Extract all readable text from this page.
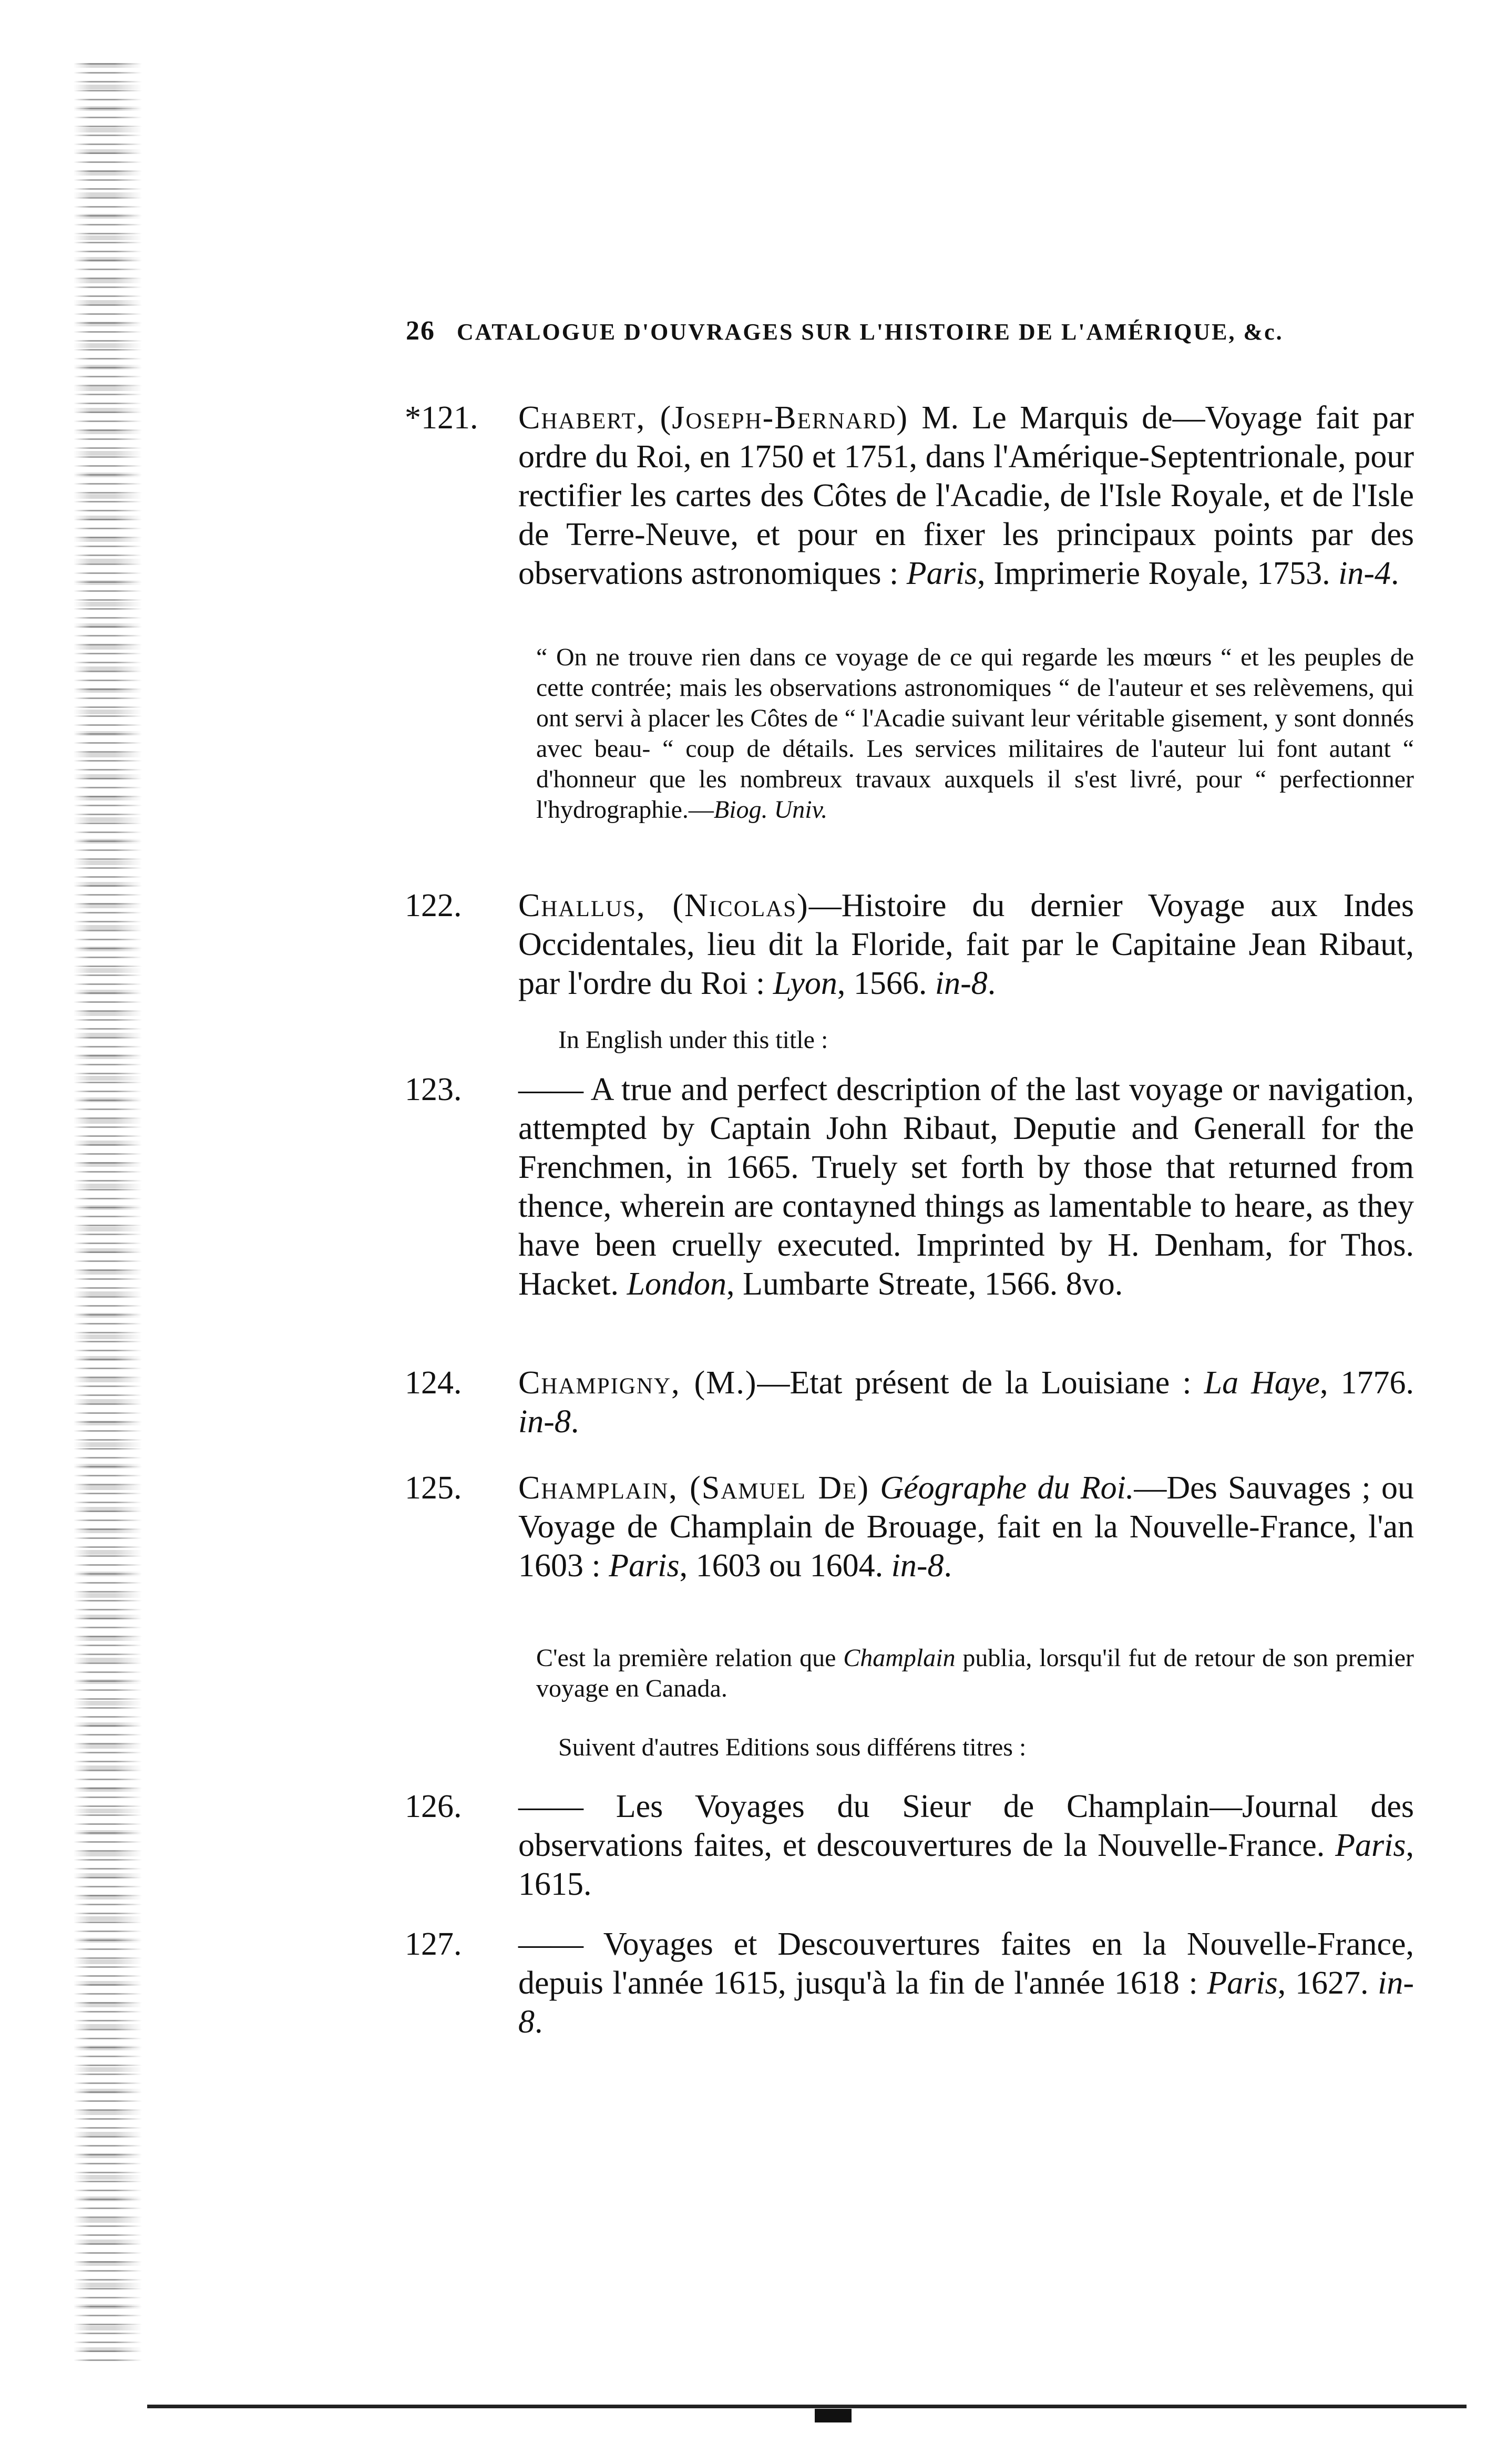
26 CATALOGUE D'OUVRAGES SUR L'HISTOIRE DE L'AMÉRIQUE, &c.
*121.	Chabert, (Joseph-Bernard) M. Le Marquis de—Voyage fait par ordre du Roi, en 1750 et 1751, dans l'Amérique-Septentrionale, pour rectifier les cartes des Côtes de l'Acadie, de l'Isle Royale, et de l'Isle de Terre-Neuve, et pour en fixer les principaux points par des observations astronomiques : Paris, Imprimerie Royale, 1753. in-4.
“ On ne trouve rien dans ce voyage de ce qui regarde les mœurs “ et les peuples de cette contrée; mais les observations astronomiques “ de l'auteur et ses relèvemens, qui ont servi à placer les Côtes de “ l'Acadie suivant leur véritable gisement, y sont donnés avec beau- “ coup de détails. Les services militaires de l'auteur lui font autant “ d'honneur que les nombreux travaux auxquels il s'est livré, pour “ perfectionner l'hydrographie.—Biog. Univ.
122.	Challus, (Nicolas)—Histoire du dernier Voyage aux Indes Occidentales, lieu dit la Floride, fait par le Capitaine Jean Ribaut, par l'ordre du Roi : Lyon, 1566. in-8.
In English under this title :
123.	—— A true and perfect description of the last voyage or navigation, attempted by Captain John Ribaut, Deputie and Generall for the Frenchmen, in 1665. Truely set forth by those that returned from thence, wherein are contayned things as lamentable to heare, as they have been cruelly executed. Imprinted by H. Denham, for Thos. Hacket. London, Lumbarte Streate, 1566. 8vo.
124.	Champigny, (M.)—Etat présent de la Louisiane : La Haye, 1776. in-8.
125.	Champlain, (Samuel De) Géographe du Roi.—Des Sauvages ; ou Voyage de Champlain de Brouage, fait en la Nouvelle-France, l'an 1603 : Paris, 1603 ou 1604. in-8.
C'est la première relation que Champlain publia, lorsqu'il fut de retour de son premier voyage en Canada.
Suivent d'autres Editions sous différens titres :
126.	—— Les Voyages du Sieur de Champlain—Journal des observations faites, et descouvertures de la Nouvelle-France. Paris, 1615.
127.	—— Voyages et Descouvertures faites en la Nouvelle-France, depuis l'année 1615, jusqu'à la fin de l'année 1618 : Paris, 1627. in-8.
